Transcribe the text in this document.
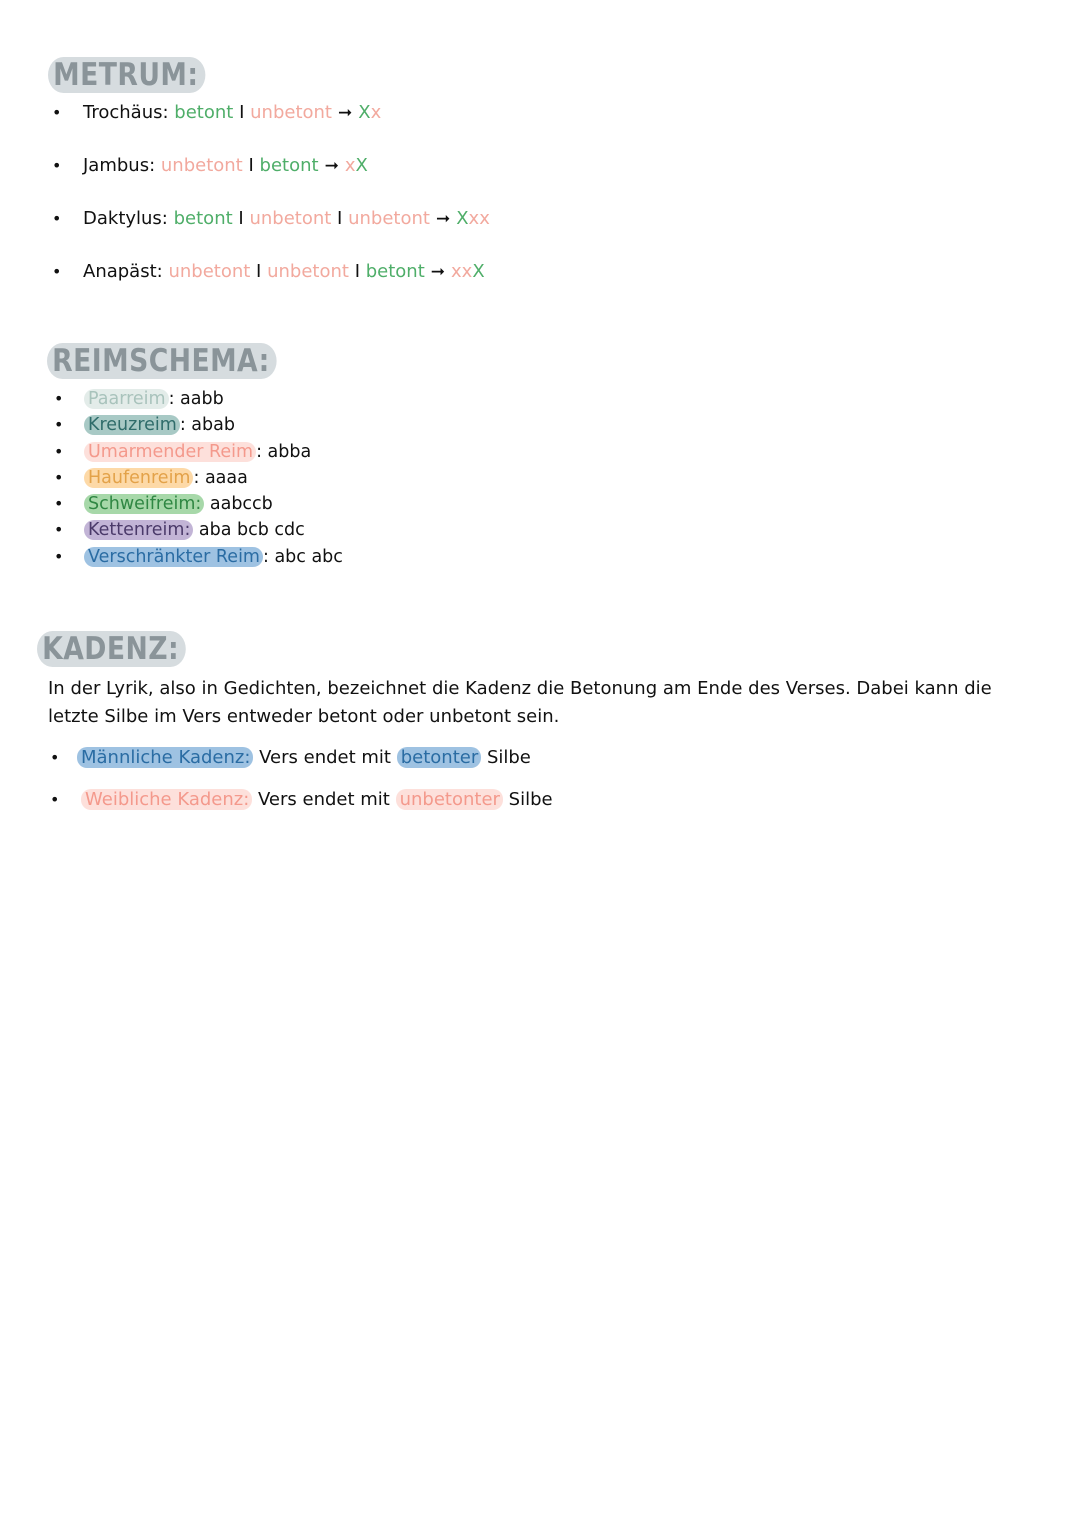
METRUM:
• Trochäus: betont I unbetont ➞ Xx
• Jambus: unbetont I betont ➞ xX
• Daktylus: betont I unbetont I unbetont ➞ Xxx
• Anapäst: unbetont I unbetont I betont ➞ xxX
REIMSCHEMA:
• Paarreim : aabb
• Kreuzreim : abab
• Umarmender Reim : abba
• Haufenreim : aaaa
• Schweifreim: aabccb
• Kettenreim: aba bcb cdc
• Verschränkter Reim : abc abc
KADENZ:

In der Lyrik, also in Gedichten, bezeichnet die Kadenz die Betonung am Ende des Verses. Dabei kann die letzte Silbe im Vers entweder betont oder unbetont sein.

• Männliche Kadenz: Vers endet mit betonter Silbe
• Weibliche Kadenz: Vers endet mit unbetonter Silbe
